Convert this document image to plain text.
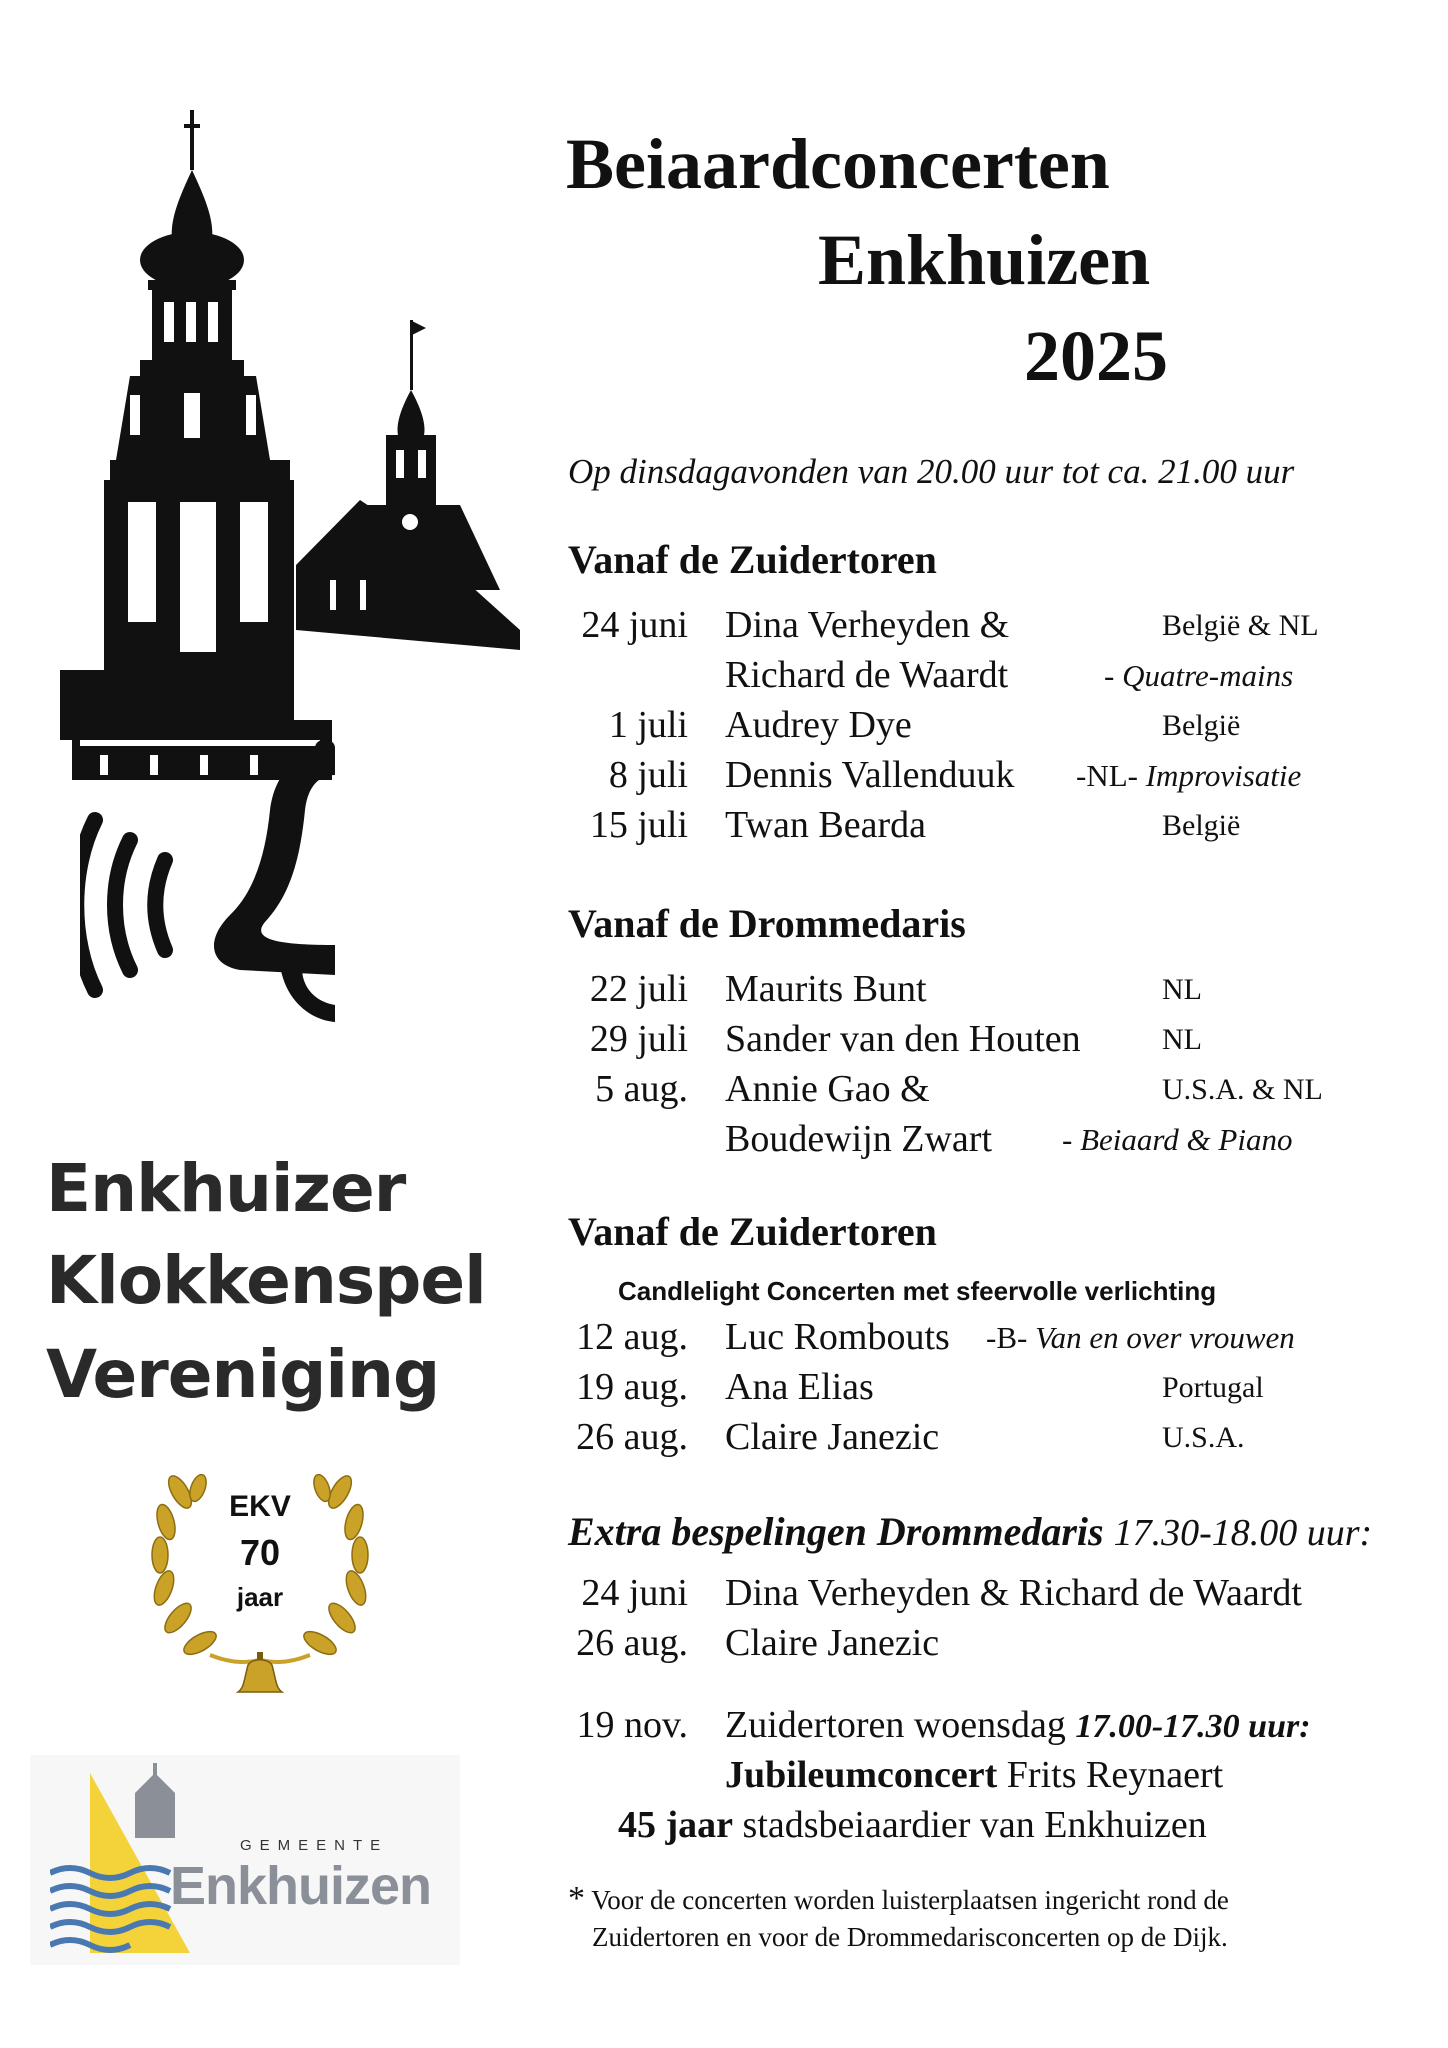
Enkhuizer
Klokkenspel
Vereniging
EKV
70
jaar
GEMEENTE
Enkhuizen
Beiaardconcerten
Enkhuizen
2025
Op dinsdagavonden van 20.00 uur tot ca. 21.00 uur
Vanaf de Zuidertoren
24 juni Dina Verheyden &	België & NL
Richard de Waardt	- Quatre-mains
1 juli Audrey Dye	België
8 juli Dennis Vallenduuk -NL- Improvisatie
15 juli Twan Bearda	België
Vanaf de Drommedaris
22 juli Maurits Bunt	NL
29 juli Sander van den Houten	NL
5 aug. Annie Gao &	U.S.A. & NL
Boudewijn Zwart - Beiaard & Piano
Vanaf de Zuidertoren
Candlelight Concerten met sfeervolle verlichting
12 aug. Luc Rombouts -B- Van en over vrouwen
19 aug. Ana Elias	Portugal
26 aug. Claire Janezic	U.S.A.
Extra bespelingen Drommedaris 17.30-18.00 uur:
24 juni Dina Verheyden & Richard de Waardt
26 aug. Claire Janezic
19 nov. Zuidertoren woensdag 17.00-17.30 uur:
Jubileumconcert Frits Reynaert
45 jaar stadsbeiaardier van Enkhuizen
* Voor de concerten worden luisterplaatsen ingericht rond de
Zuidertoren en voor de Drommedarisconcerten op de Dijk.
